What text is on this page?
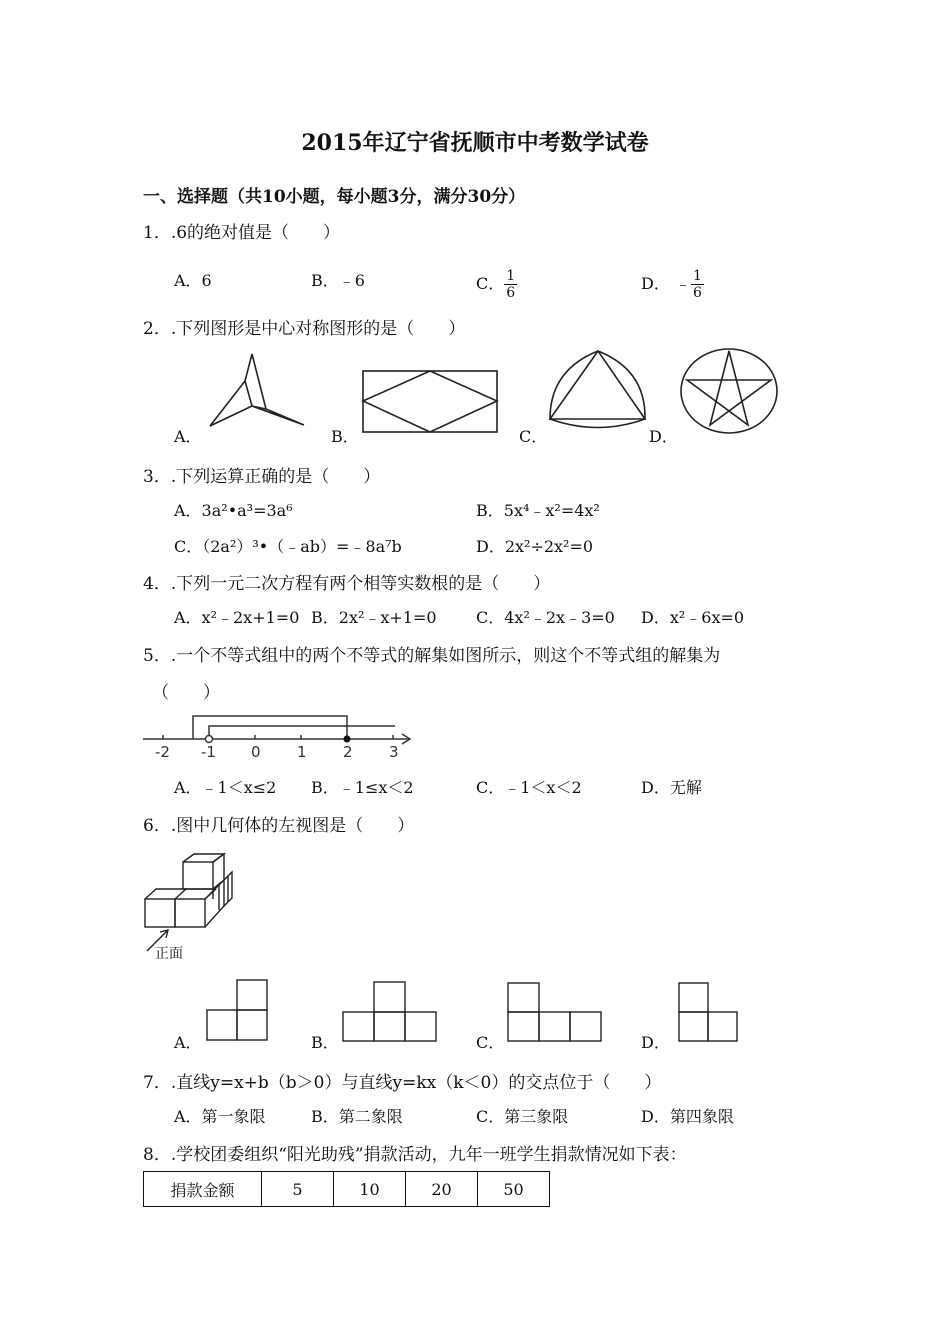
2015年辽宁省抚顺市中考数学试卷
一、选择题（共10小题，每小题3分，满分30分）
1．.6的绝对值是（　　）
A．6	B．﹣6	C． $\frac{1}{6}$	D． ﹣ $\frac{1}{6}$
2．.下列图形是中心对称图形的是（　　）
A．	B．	C．	D．
3．.下列运算正确的是（　　）
A．3a²•a³=3a⁶	B．5x⁴﹣x²=4x²
C．（2a²）³•（﹣ab）=﹣8a⁷b	D．2x²÷2x²=0
4．.下列一元二次方程有两个相等实数根的是（　　）
A．x²﹣2x+1=0 B．2x²﹣x+1=0 C．4x²﹣2x﹣3=0 D．x²﹣6x=0
5．.一个不等式组中的两个不等式的解集如图所示，则这个不等式组的解集为
（　　）
-2 -1 0 1 2 3
A．﹣1＜x≤2 B．﹣1≤x＜2	C．﹣1＜x＜2	D．无解
6．.图中几何体的左视图是（　　）
正面
A．	B．	C．	D．
7．.直线y=x+b（b＞0）与直线y=kx（k＜0）的交点位于（　　）
A．第一象限	B．第二象限	C．第三象限	D．第四象限
8．.学校团委组织“阳光助残”捐款活动，九年一班学生捐款情况如下表：
捐款金额	5	10	20	50
